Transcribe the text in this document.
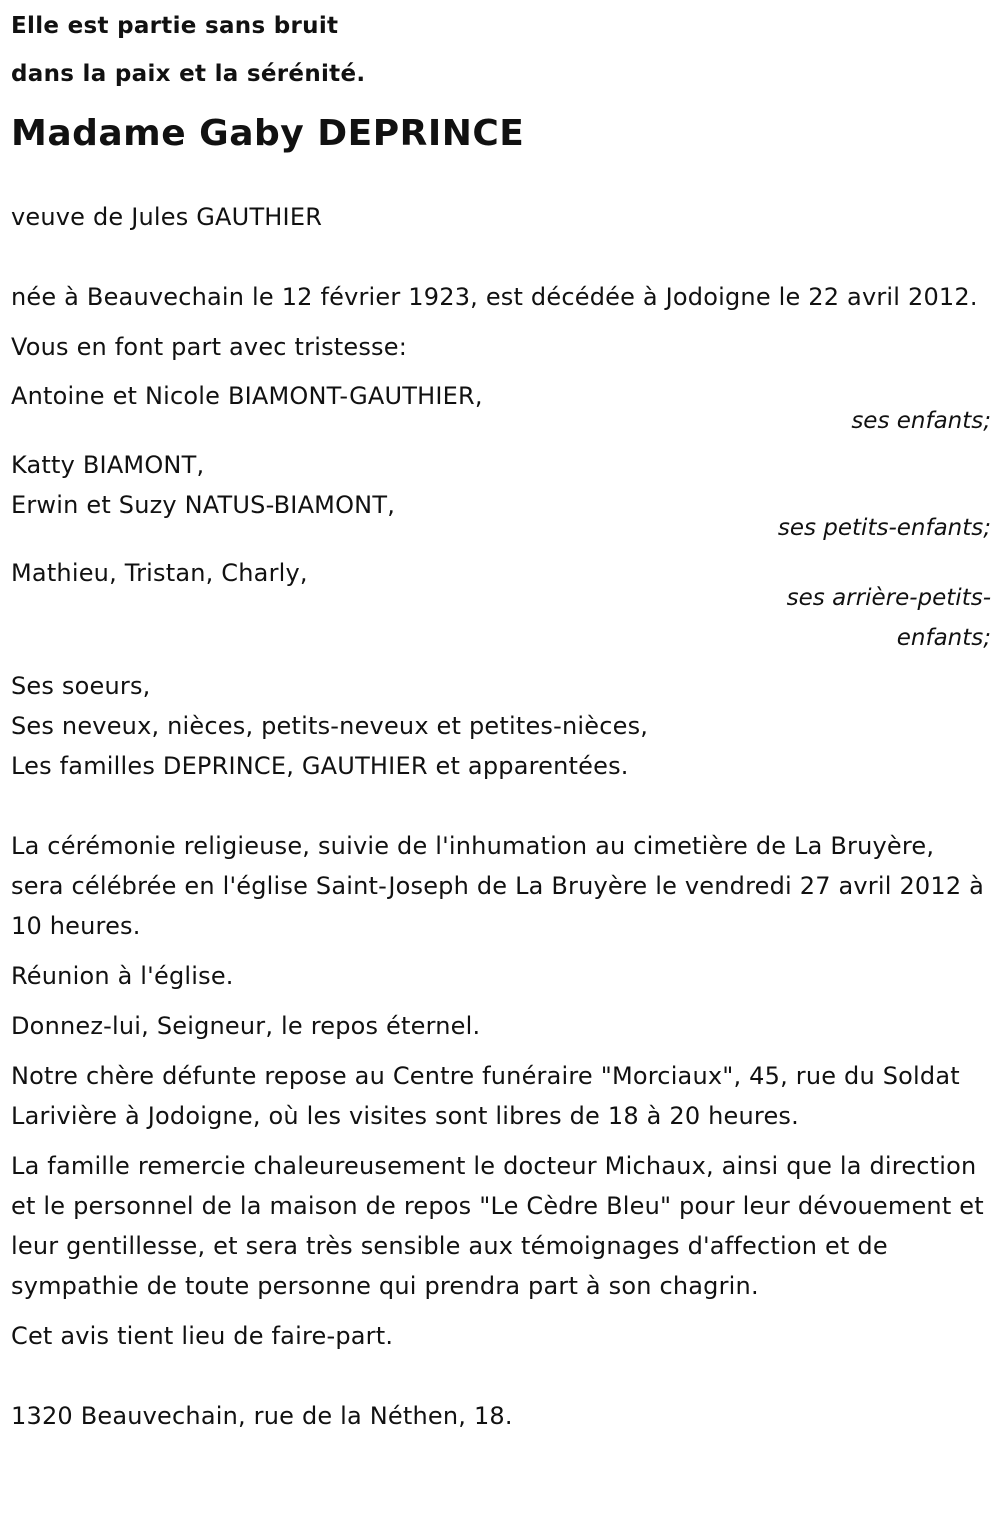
Elle est partie sans bruit

dans la paix et la sérénité.

Madame Gaby DEPRINCE
veuve de Jules GAUTHIER
née à Beauvechain le 12 février 1923, est décédée à Jodoigne le 22 avril 2012.
Vous en font part avec tristesse:
Antoine et Nicole BIAMONT-GAUTHIER,
ses enfants;
Katty BIAMONT,
Erwin et Suzy NATUS-BIAMONT,
ses petits-enfants;
Mathieu, Tristan, Charly,
ses arrière-petits-
enfants;

Ses soeurs,

Ses neveux, nièces, petits-neveux et petites-nièces,

Les familles DEPRINCE, GAUTHIER et apparentées.

La cérémonie religieuse, suivie de l'inhumation au cimetière de La Bruyère, sera célébrée en l'église Saint-Joseph de La Bruyère le vendredi 27 avril 2012 à 10 heures.
Réunion à l'église.
Donnez-lui, Seigneur, le repos éternel.
Notre chère défunte repose au Centre funéraire "Morciaux", 45, rue du Soldat Larivière à Jodoigne, où les visites sont libres de 18 à 20 heures.
La famille remercie chaleureusement le docteur Michaux, ainsi que la direction et le personnel de la maison de repos "Le Cèdre Bleu" pour leur dévouement et leur gentillesse, et sera très sensible aux témoignages d'affection et de sympathie de toute personne qui prendra part à son chagrin.
Cet avis tient lieu de faire-part.
1320 Beauvechain, rue de la Néthen, 18.
